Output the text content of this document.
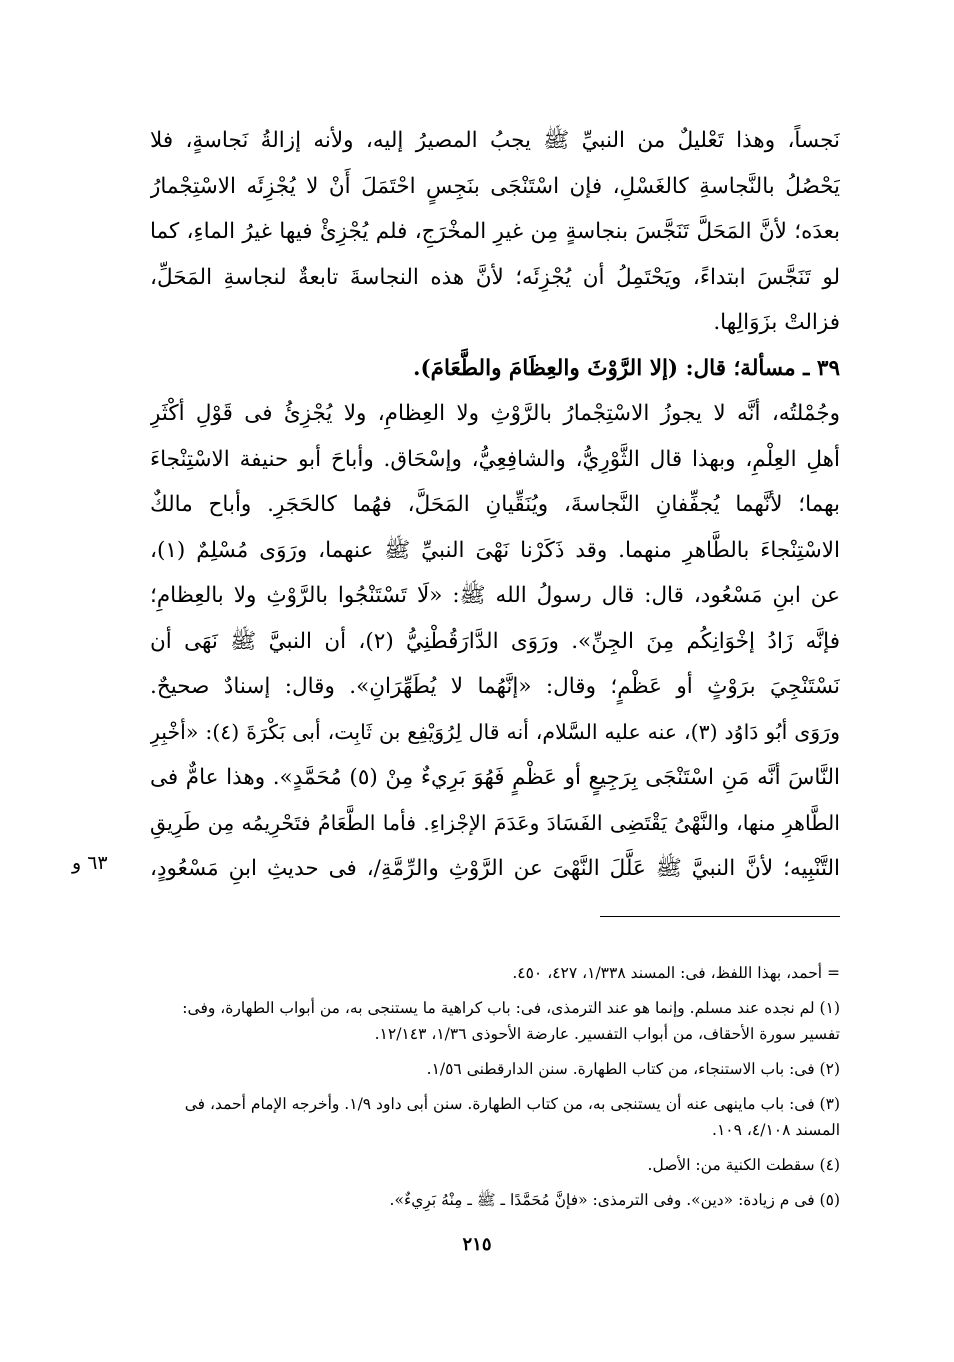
نَجساً، وهذا تَعْليلٌ من النبيِّ ﷺ يجبُ المصيرُ إليه، ولأنه إزالةُ نَجاسةٍ، فلا
يَحْصُلُ بالنَّجاسةِ كالغَسْلِ، فإن اسْتَنْجَى بنَجِسٍ احْتَمَلَ أَنْ لا يُجْزِئَه الاسْتِجْمارُ
بعدَه؛ لأنَّ المَحَلَّ تَنَجَّسَ بنجاسةٍ مِن غيرِ المخْرَجِ، فلم يُجْزِئْ فيها غيرُ الماءِ، كما
لو تَنَجَّسَ ابتداءً، ويَحْتَمِلُ أن يُجْزِئَه؛ لأنَّ هذه النجاسةَ تابعةٌ لنجاسةِ المَحَلِّ،
فزالتْ بزَوَالِها.
٣٩ ـ مسألة؛ قال: (إلا الرَّوْثَ والعِظَامَ والطَّعَامَ).
وجُمْلتُه، أنَّه لا يجوزُ الاسْتِجْمارُ بالرَّوْثِ ولا العِظامِ، ولا يُجْزِئُ فى قَوْلِ أكْثَرِ
أهلِ العِلْمِ، وبهذا قال الثَّوْرِيُّ، والشافِعِيُّ، وإسْحَاق. وأباحَ أبو حنيفة الاسْتِنْجاءَ
بهما؛ لأنَّهما يُجفِّفانِ النَّجاسةَ، ويُنَقِّيانِ المَحَلَّ، فهُما كالحَجَرِ. وأباح مالكٌ
الاسْتِنْجاءَ بالطَّاهرِ منهما. وقد ذَكَرْنا نَهْىَ النبيِّ ﷺ عنهما، ورَوَى مُسْلِمٌ (١)،
عن ابنِ مَسْعُود، قال: قال رسولُ الله ﷺ: «لَا تَسْتَنْجُوا بالرَّوْثِ ولا بالعِظامِ؛
فإنَّه زَادُ إخْوَانِكُم مِنَ الجِنِّ». ورَوَى الدَّارَقُطْنِيُّ (٢)، أن النبيَّ ﷺ نَهَى أن
نَسْتَنْجِيَ برَوْثٍ أو عَظْمٍ؛ وقال: «إنَّهُما لا يُطَهِّرَانِ». وقال: إسنادٌ صحيحٌ.
ورَوَى أبُو دَاوُد (٣)، عنه عليه السَّلام، أنه قال لِرُوَيْفِع بن ثَابِت، أبى بَكْرَةَ (٤): «أخْبِرِ
النَّاسَ أنَّه مَنِ اسْتَنْجَى بِرَجِيعٍ أو عَظْمٍ فَهُوَ بَرِيءٌ مِنْ (٥) مُحَمَّدٍ». وهذا عامٌّ فى
الطَّاهرِ منها، والنَّهْىُ يَقْتَضِى الفَسَادَ وعَدَمَ الإجْزاءِ. فأما الطَّعَامُ فتَحْرِيمُه مِن طَرِيقِ
التَّنْبِيه؛ لأنَّ النبيَّ ﷺ عَلَّلَ النَّهْىَ عن الرَّوْثِ والرِّمَّةِ/، فى حديثِ ابنِ مَسْعُودٍ،
٦٣ و
= أحمد، بهذا اللفظ، فى: المسند ١/٣٣٨، ٤٢٧، ٤٥٠.
(١) لم نجده عند مسلم. وإنما هو عند الترمذى، فى: باب كراهية ما يستنجى به، من أبواب الطهارة، وفى:
تفسير سورة الأحقاف، من أبواب التفسير. عارضة الأحوذى ١/٣٦، ١٢/١٤٣.
(٢) فى: باب الاستنجاء، من كتاب الطهارة. سنن الدارقطنى ١/٥٦.
(٣) فى: باب ماينهى عنه أن يستنجى به، من كتاب الطهارة. سنن أبى داود ١/٩. وأخرجه الإمام أحمد، فى
المسند ٤/١٠٨، ١٠٩.
(٤) سقطت الكنية من: الأصل.
(٥) فى م زيادة: «دين». وفى الترمذى: «فإنَّ مُحَمَّدًا ـ ﷺ ـ مِنْهُ بَرِيءٌ».
٢١٥
